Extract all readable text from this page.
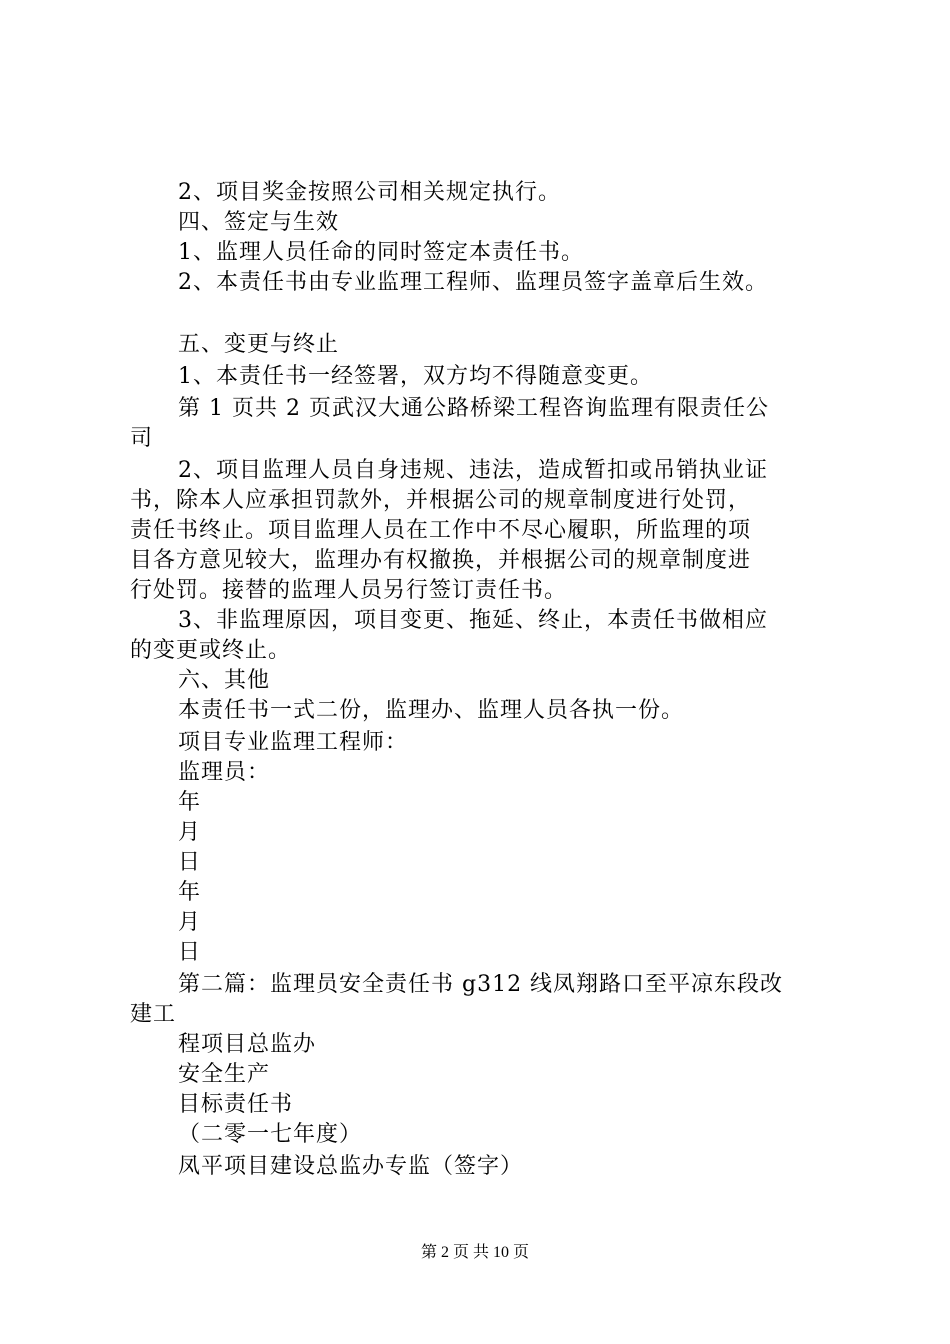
2、项目奖金按照公司相关规定执行。
四、签定与生效
1、监理人员任命的同时签定本责任书。
2、本责任书由专业监理工程师、监理员签字盖章后生效。
五、变更与终止
1、本责任书一经签署，双方均不得随意变更。
第 1 页共 2 页武汉大通公路桥梁工程咨询监理有限责任公
司
2、项目监理人员自身违规、违法，造成暂扣或吊销执业证
书，除本人应承担罚款外，并根据公司的规章制度进行处罚，
责任书终止。项目监理人员在工作中不尽心履职，所监理的项
目各方意见较大，监理办有权撤换，并根据公司的规章制度进
行处罚。接替的监理人员另行签订责任书。
3、非监理原因，项目变更、拖延、终止，本责任书做相应
的变更或终止。
六、其他
本责任书一式二份，监理办、监理人员各执一份。
项目专业监理工程师：
监理员：
年
月
日
年
月
日
第二篇：监理员安全责任书 g312 线凤翔路口至平凉东段改
建工
程项目总监办
安全生产
目标责任书
（二零一七年度）
凤平项目建设总监办专监（签字）
第 2 页 共 10 页
